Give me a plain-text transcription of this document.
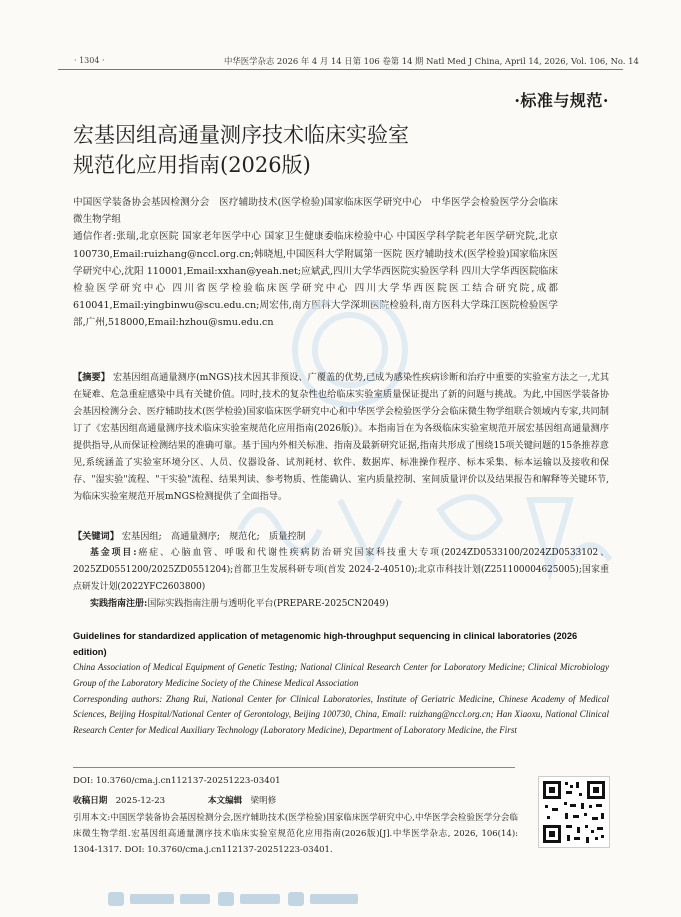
· 1304 ·	中华医学杂志 2026 年 4 月 14 日第 106 卷第 14 期 Natl Med J China, April 14, 2026, Vol. 106, No. 14
·标准与规范·
宏基因组高通量测序技术临床实验室
规范化应用指南(2026版)
中国医学装备协会基因检测分会　医疗辅助技术(医学检验)国家临床医学研究中心　中华医学会检验医学分会临床微生物学组
通信作者:张瑞,北京医院 国家老年医学中心 国家卫生健康委临床检验中心 中国医学科学院老年医学研究院,北京 100730,Email:ruizhang@nccl.org.cn;韩晓旭,中国医科大学附属第一医院 医疗辅助技术(医学检验)国家临床医学研究中心,沈阳 110001,Email:xxhan@yeah.net;应斌武,四川大学华西医院实验医学科 四川大学华西医院临床检验医学研究中心 四川省医学检验临床医学研究中心 四川大学华西医院医工结合研究院,成都 610041,Email:yingbinwu@scu.edu.cn;周宏伟,南方医科大学深圳医院检验科,南方医科大学珠江医院检验医学部,广州,518000,Email:hzhou@smu.edu.cn
【摘要】 宏基因组高通量测序(mNGS)技术因其非预设、广覆盖的优势,已成为感染性疾病诊断和治疗中重要的实验室方法之一,尤其在疑难、危急重症感染中具有关键价值。同时,技术的复杂性也给临床实验室质量保证提出了新的问题与挑战。为此,中国医学装备协会基因检测分会、医疗辅助技术(医学检验)国家临床医学研究中心和中华医学会检验医学分会临床微生物学组联合领域内专家,共同制订了《宏基因组高通量测序技术临床实验室规范化应用指南(2026版)》。本指南旨在为各级临床实验室规范开展宏基因组高通量测序提供指导,从而保证检测结果的准确可靠。基于国内外相关标准、指南及最新研究证据,指南共形成了围绕15项关键问题的15条推荐意见,系统涵盖了实验室环境分区、人员、仪器设备、试剂耗材、软件、数据库、标准操作程序、标本采集、标本运输以及接收和保存、"湿实验"流程、"干实验"流程、结果判读、参考物质、性能确认、室内质量控制、室间质量评价以及结果报告和解释等关键环节,为临床实验室规范开展mNGS检测提供了全面指导。
【关键词】 宏基因组;　高通量测序;　规范化;　质量控制
基金项目:癌症、心脑血管、呼吸和代谢性疾病防治研究国家科技重大专项(2024ZD0533100/2024ZD0533102、2025ZD0551200/2025ZD0551204);首都卫生发展科研专项(首发 2024-2-40510);北京市科技计划(Z251100004625005);国家重点研发计划(2022YFC2603800)
实践指南注册:国际实践指南注册与透明化平台(PREPARE-2025CN2049)
Guidelines for standardized application of metagenomic high-throughput sequencing in clinical laboratories (2026 edition)

China Association of Medical Equipment of Genetic Testing; National Clinical Research Center for Laboratory Medicine; Clinical Microbiology Group of the Laboratory Medicine Society of the Chinese Medical Association

Corresponding authors: Zhang Rui, National Center for Clinical Laboratories, Institute of Geriatric Medicine, Chinese Academy of Medical Sciences, Beijing Hospital/National Center of Gerontology, Beijing 100730, China, Email: ruizhang@nccl.org.cn; Han Xiaoxu, National Clinical Research Center for Medical Auxiliary Technology (Laboratory Medicine), Department of Laboratory Medicine, the First

DOI: 10.3760/cma.j.cn112137-20251223-03401
收稿日期 2025-12-23	本文编辑 梁明修
引用本文:中国医学装备协会基因检测分会,医疗辅助技术(医学检验)国家临床医学研究中心,中华医学会检验医学分会临床微生物学组.宏基因组高通量测序技术临床实验室规范化应用指南(2026版)[J].中华医学杂志, 2026, 106(14): 1304-1317. DOI: 10.3760/cma.j.cn112137-20251223-03401.
